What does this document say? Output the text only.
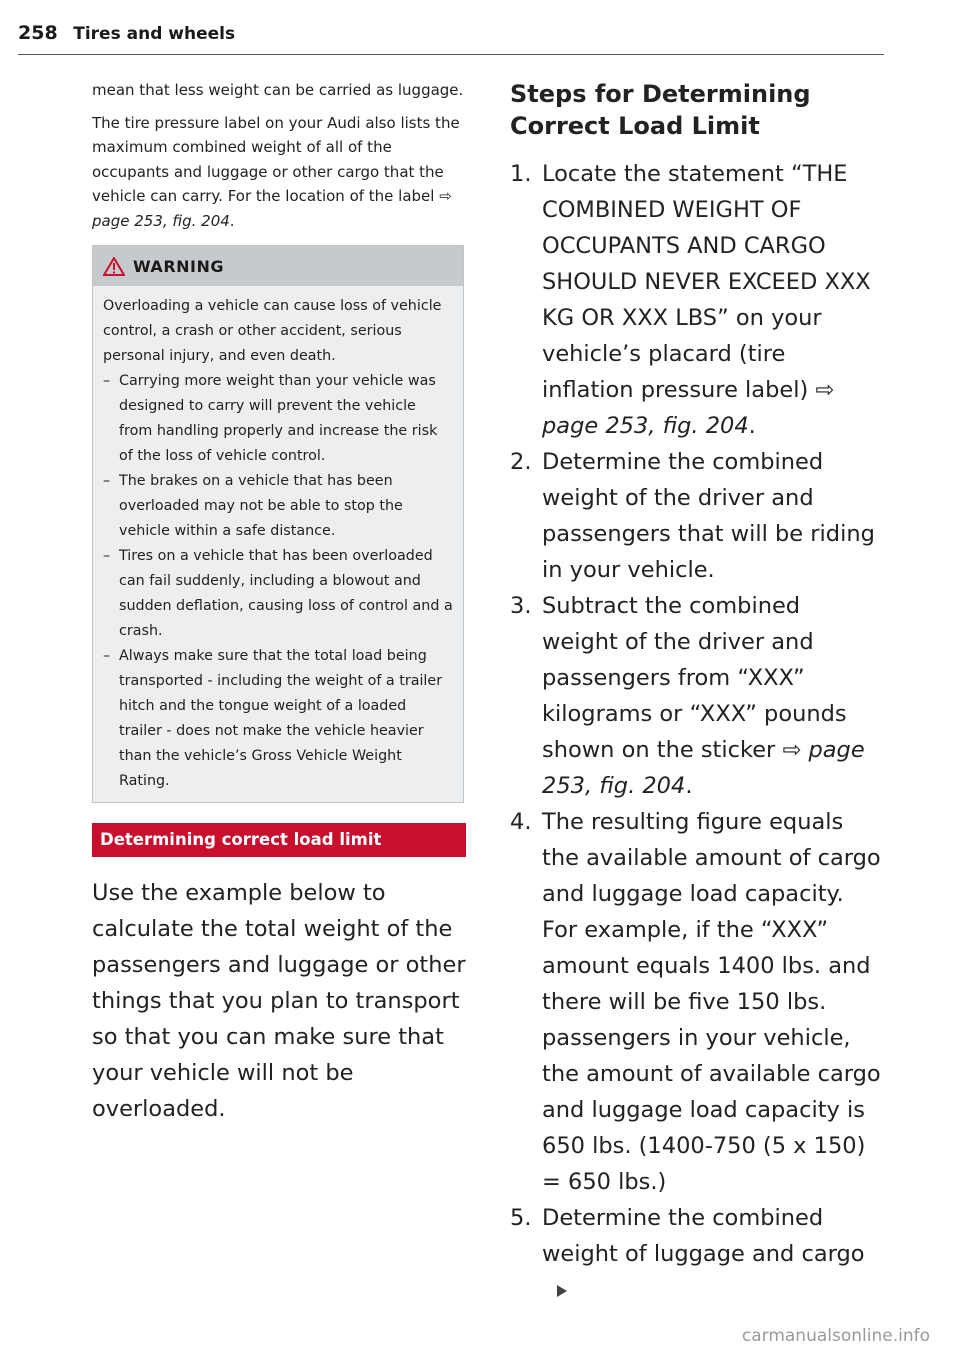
258 Tires and wheels

mean that less weight can be carried as luggage.

The tire pressure label on your Audi also lists the maximum combined weight of all of the occupants and luggage or other cargo that the vehicle can carry. For the location of the label ⇨ page 253, fig. 204.

WARNING

Overloading a vehicle can cause loss of vehicle control, a crash or other accident, serious personal injury, and even death.

– Carrying more weight than your vehicle was designed to carry will prevent the vehicle from handling properly and increase the risk of the loss of vehicle control.
– The brakes on a vehicle that has been overloaded may not be able to stop the vehicle within a safe distance.
– Tires on a vehicle that has been overloaded can fail suddenly, including a blowout and sudden deflation, causing loss of control and a crash.
– Always make sure that the total load being transported - including the weight of a trailer hitch and the tongue weight of a loaded trailer - does not make the vehicle heavier than the vehicle’s Gross Vehicle Weight Rating.
Determining correct load limit

Use the example below to calculate the total weight of the passengers and luggage or other things that you plan to transport so that you can make sure that your vehicle will not be overloaded.

Steps for Determining Correct Load Limit
1. Locate the statement “THE COMBINED WEIGHT OF OCCUPANTS AND CARGO SHOULD NEVER EXCEED XXX KG OR XXX LBS” on your vehicle’s placard (tire inflation pressure label) ⇨ page 253, fig. 204.
2. Determine the combined weight of the driver and passengers that will be riding in your vehicle.
3. Subtract the combined weight of the driver and passengers from “XXX” kilograms or “XXX” pounds shown on the sticker ⇨ page 253, fig. 204.
4. The resulting figure equals the available amount of cargo and luggage load capacity. For example, if the “XXX” amount equals 1400 lbs. and there will be five 150 lbs. passengers in your vehicle, the amount of available cargo and luggage load capacity is 650 lbs. (1400-750 (5 x 150) = 650 lbs.)
5. Determine the combined weight of luggage and cargo
carmanualsonline.info
